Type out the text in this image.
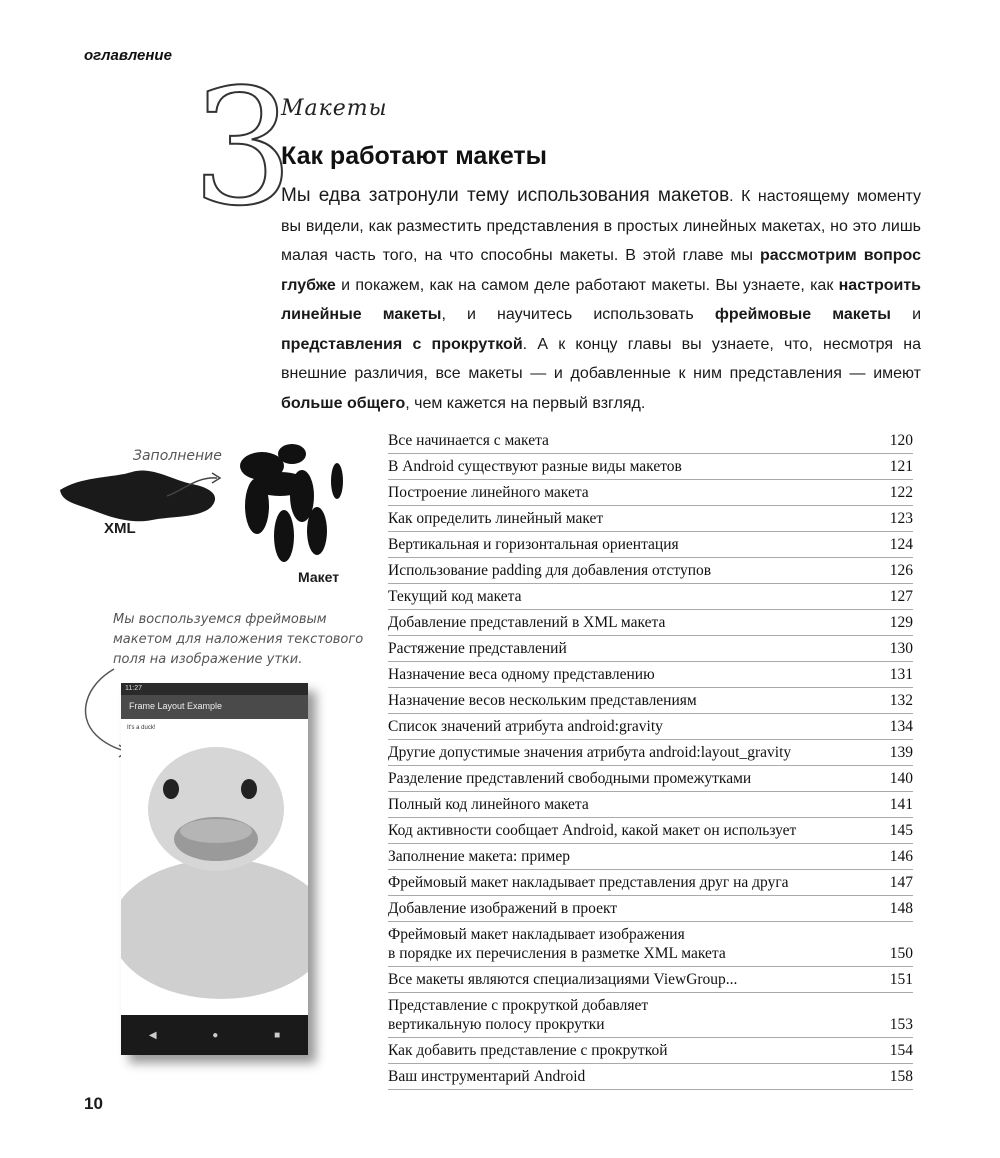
оглавление 3
Макеты
Как работают макеты
Мы едва затронули тему использования макетов. К настоящему моменту вы видели, как разместить представления в простых линейных макетах, но это лишь малая часть того, на что способны макеты. В этой главе мы рассмотрим вопрос глубже и покажем, как на самом деле работают макеты. Вы узнаете, как настроить линейные макеты, и научитесь использовать фреймовые макеты и представления с прокруткой. А к концу главы вы узнаете, что, несмотря на внешние различия, все макеты — и добавленные к ним представления — имеют больше общего, чем кажется на первый взгляд.
Заполнение
XML
Макет
Мы воспользуемся фреймовым макетом для наложения текстового поля на изображение утки.
11:27
Frame Layout Example
It's a duck!
◀	●	■
Все начинается с макета	120
В Android существуют разные виды макетов	121
Построение линейного макета	122
Как определить линейный макет	123
Вертикальная и горизонтальная ориентация	124
Использование padding для добавления отступов	126
Текущий код макета	127
Добавление представлений в XML макета	129
Растяжение представлений	130
Назначение веса одному представлению	131
Назначение весов нескольким представлениям	132
Список значений атрибута android:gravity	134
Другие допустимые значения атрибута android:layout_gravity	139
Разделение представлений свободными промежутками	140
Полный код линейного макета	141
Код активности сообщает Android, какой макет он использует	145
Заполнение макета: пример	146
Фреймовый макет накладывает представления друг на друга	147
Добавление изображений в проект	148
Фреймовый макет накладывает изображения
в порядке их перечисления в разметке XML макета	150
Все макеты являются специализациями ViewGroup...	151
Представление с прокруткой добавляет
вертикальную полосу прокрутки	153
Как добавить представление с прокруткой	154
Ваш инструментарий Android	158
10
